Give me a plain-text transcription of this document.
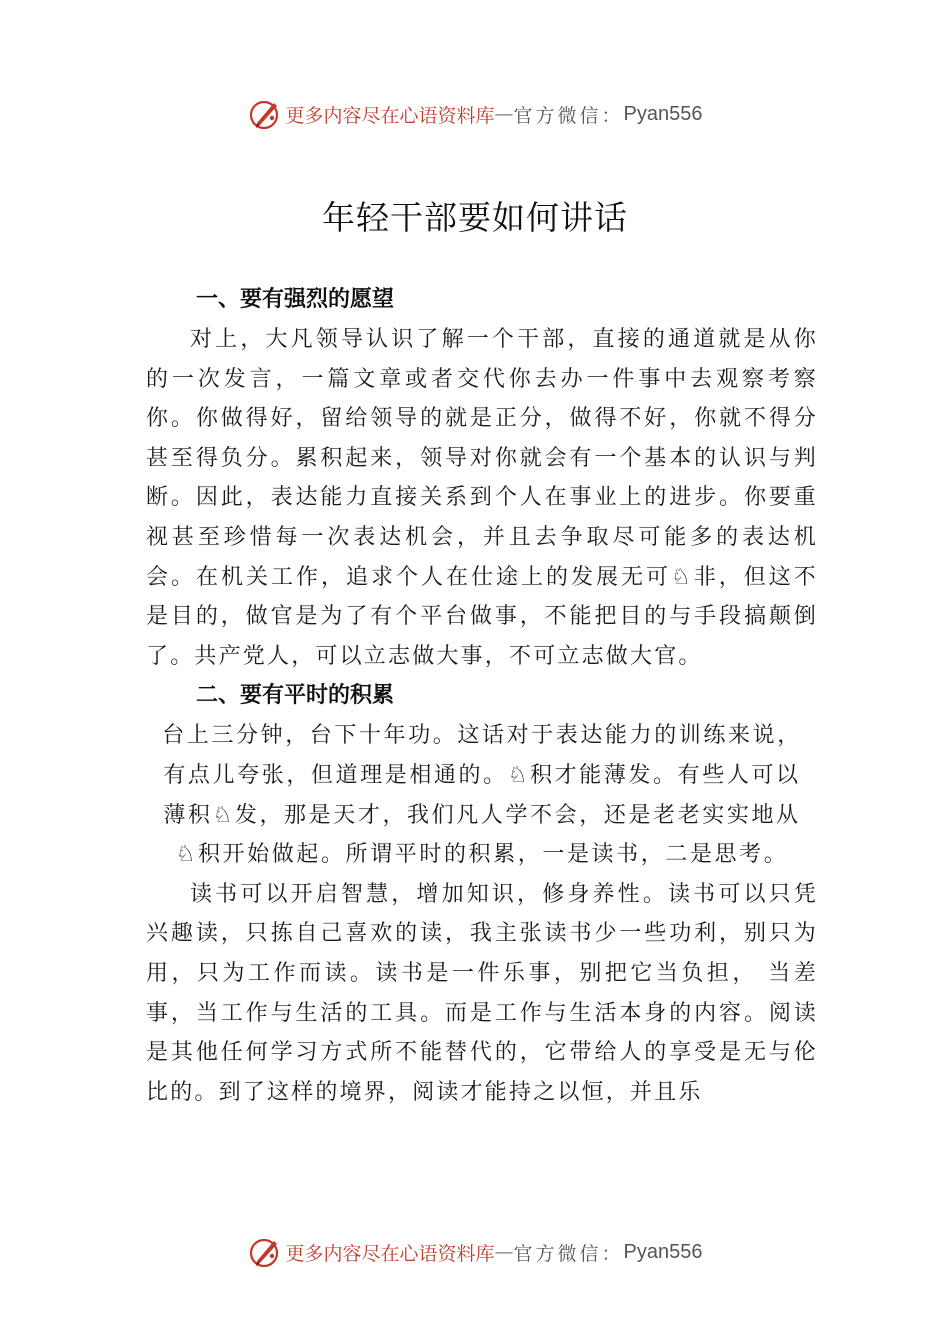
更多内容尽在心语资料库 — 官方微信： Pyan556
年轻干部要如何讲话
一、要有强烈的愿望

对上，大凡领导认识了解一个干部，直接的通道就是从你的一次发言，一篇文章或者交代你去办一件事中去观察考察你。你做得好，留给领导的就是正分，做得不好，你就不得分甚至得负分。累积起来，领导对你就会有一个基本的认识与判断。因此，表达能力直接关系到个人在事业上的进步。你要重视甚至珍惜每一次表达机会，并且去争取尽可能多的表达机会。在机关工作，追求个人在仕途上的发展无可♘非，但这不是目的，做官是为了有个平台做事，不能把目的与手段搞颠倒了。共产党人，可以立志做大事，不可立志做大官。

二、要有平时的积累

台上三分钟，台下十年功。这话对于表达能力的训练来说，有点儿夸张，但道理是相通的。♘积才能薄发。有些人可以薄积♘发，那是天才，我们凡人学不会，还是老老实实地从♘积开始做起。所谓平时的积累，一是读书，二是思考。

读书可以开启智慧，增加知识，修身养性。读书可以只凭兴趣读，只拣自己喜欢的读，我主张读书少一些功利，别只为用，只为工作而读。读书是一件乐事，别把它当负担， 当差事，当工作与生活的工具。而是工作与生活本身的内容。阅读是其他任何学习方式所不能替代的，它带给人的享受是无与伦比的。到了这样的境界，阅读才能持之以恒，并且乐

更多内容尽在心语资料库 — 官方微信： Pyan556
